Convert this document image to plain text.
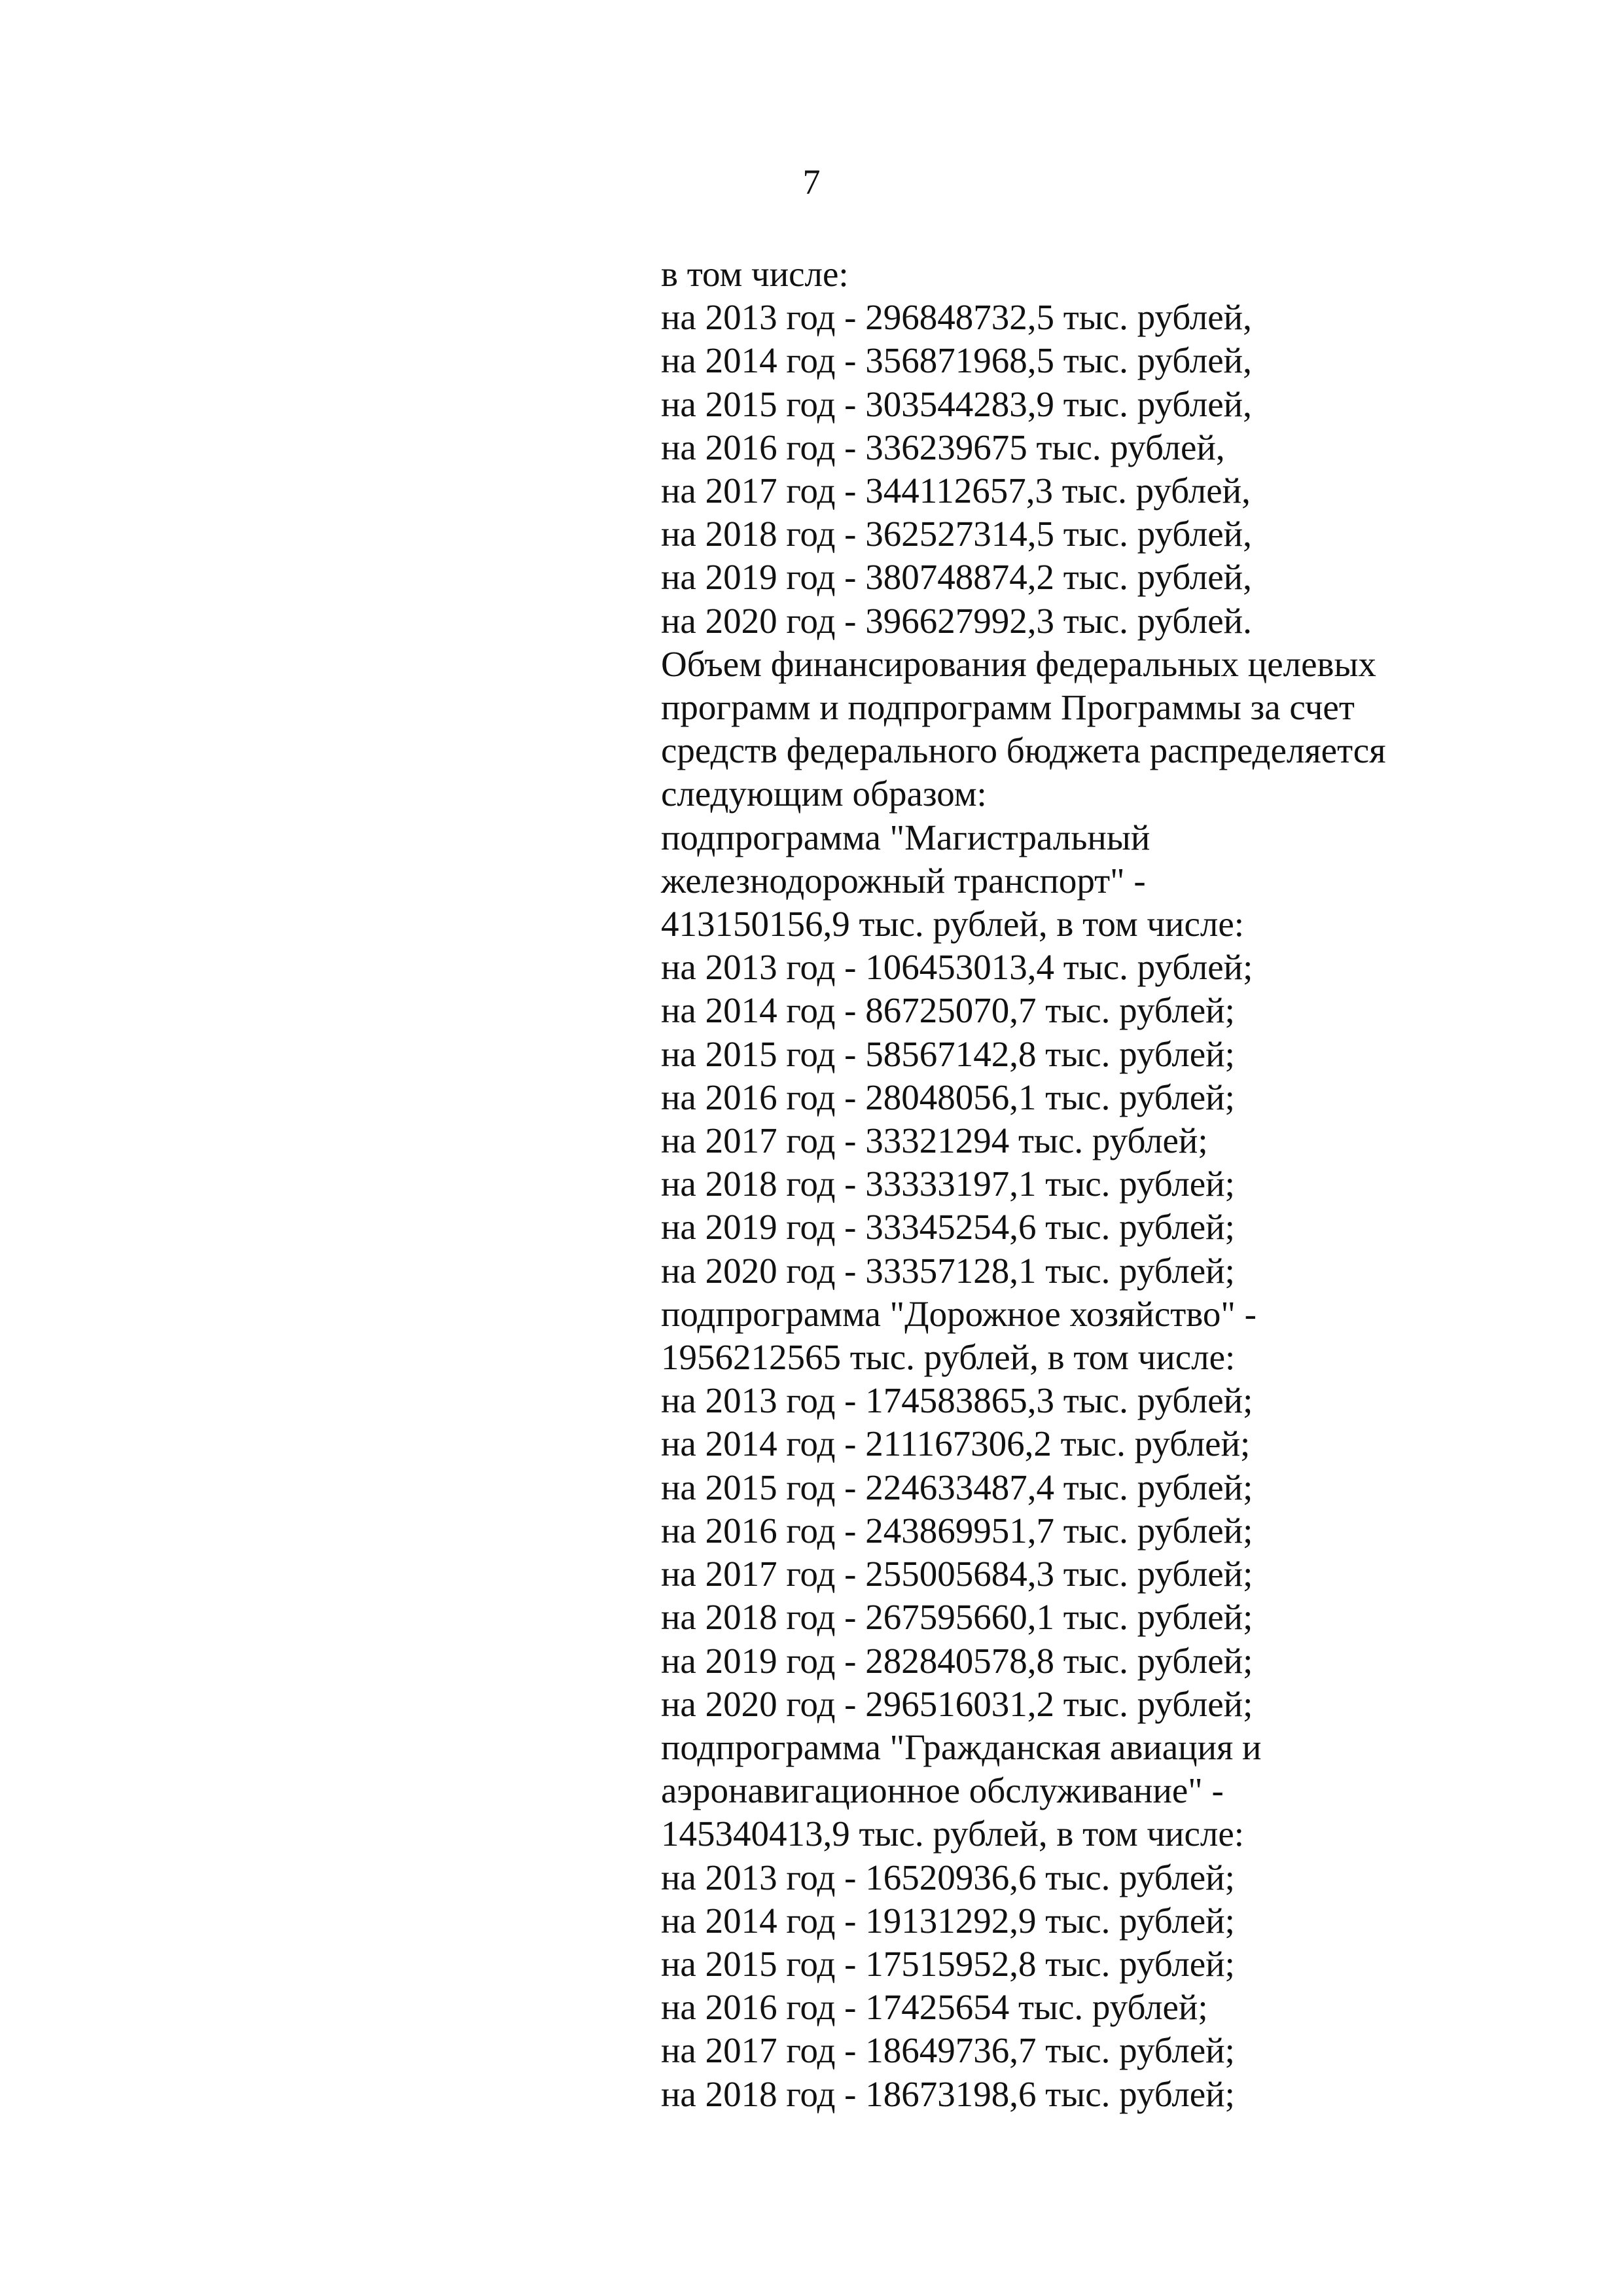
7
в том числе:
на 2013 год - 296848732,5 тыс. рублей,
на 2014 год - 356871968,5 тыс. рублей,
на 2015 год - 303544283,9 тыс. рублей,
на 2016 год - 336239675 тыс. рублей,
на 2017 год - 344112657,3 тыс. рублей,
на 2018 год - 362527314,5 тыс. рублей,
на 2019 год - 380748874,2 тыс. рублей,
на 2020 год - 396627992,3 тыс. рублей.
Объем финансирования федеральных целевых
программ и подпрограмм Программы за счет
средств федерального бюджета распределяется
следующим образом:
подпрограмма "Магистральный
железнодорожный транспорт" -
413150156,9 тыс. рублей, в том числе:
на 2013 год - 106453013,4 тыс. рублей;
на 2014 год - 86725070,7 тыс. рублей;
на 2015 год - 58567142,8 тыс. рублей;
на 2016 год - 28048056,1 тыс. рублей;
на 2017 год - 33321294 тыс. рублей;
на 2018 год - 33333197,1 тыс. рублей;
на 2019 год - 33345254,6 тыс. рублей;
на 2020 год - 33357128,1 тыс. рублей;
подпрограмма "Дорожное хозяйство" -
1956212565 тыс. рублей, в том числе:
на 2013 год - 174583865,3 тыс. рублей;
на 2014 год - 211167306,2 тыс. рублей;
на 2015 год - 224633487,4 тыс. рублей;
на 2016 год - 243869951,7 тыс. рублей;
на 2017 год - 255005684,3 тыс. рублей;
на 2018 год - 267595660,1 тыс. рублей;
на 2019 год - 282840578,8 тыс. рублей;
на 2020 год - 296516031,2 тыс. рублей;
подпрограмма "Гражданская авиация и
аэронавигационное обслуживание" -
145340413,9 тыс. рублей, в том числе:
на 2013 год - 16520936,6 тыс. рублей;
на 2014 год - 19131292,9 тыс. рублей;
на 2015 год - 17515952,8 тыс. рублей;
на 2016 год - 17425654 тыс. рублей;
на 2017 год - 18649736,7 тыс. рублей;
на 2018 год - 18673198,6 тыс. рублей;
